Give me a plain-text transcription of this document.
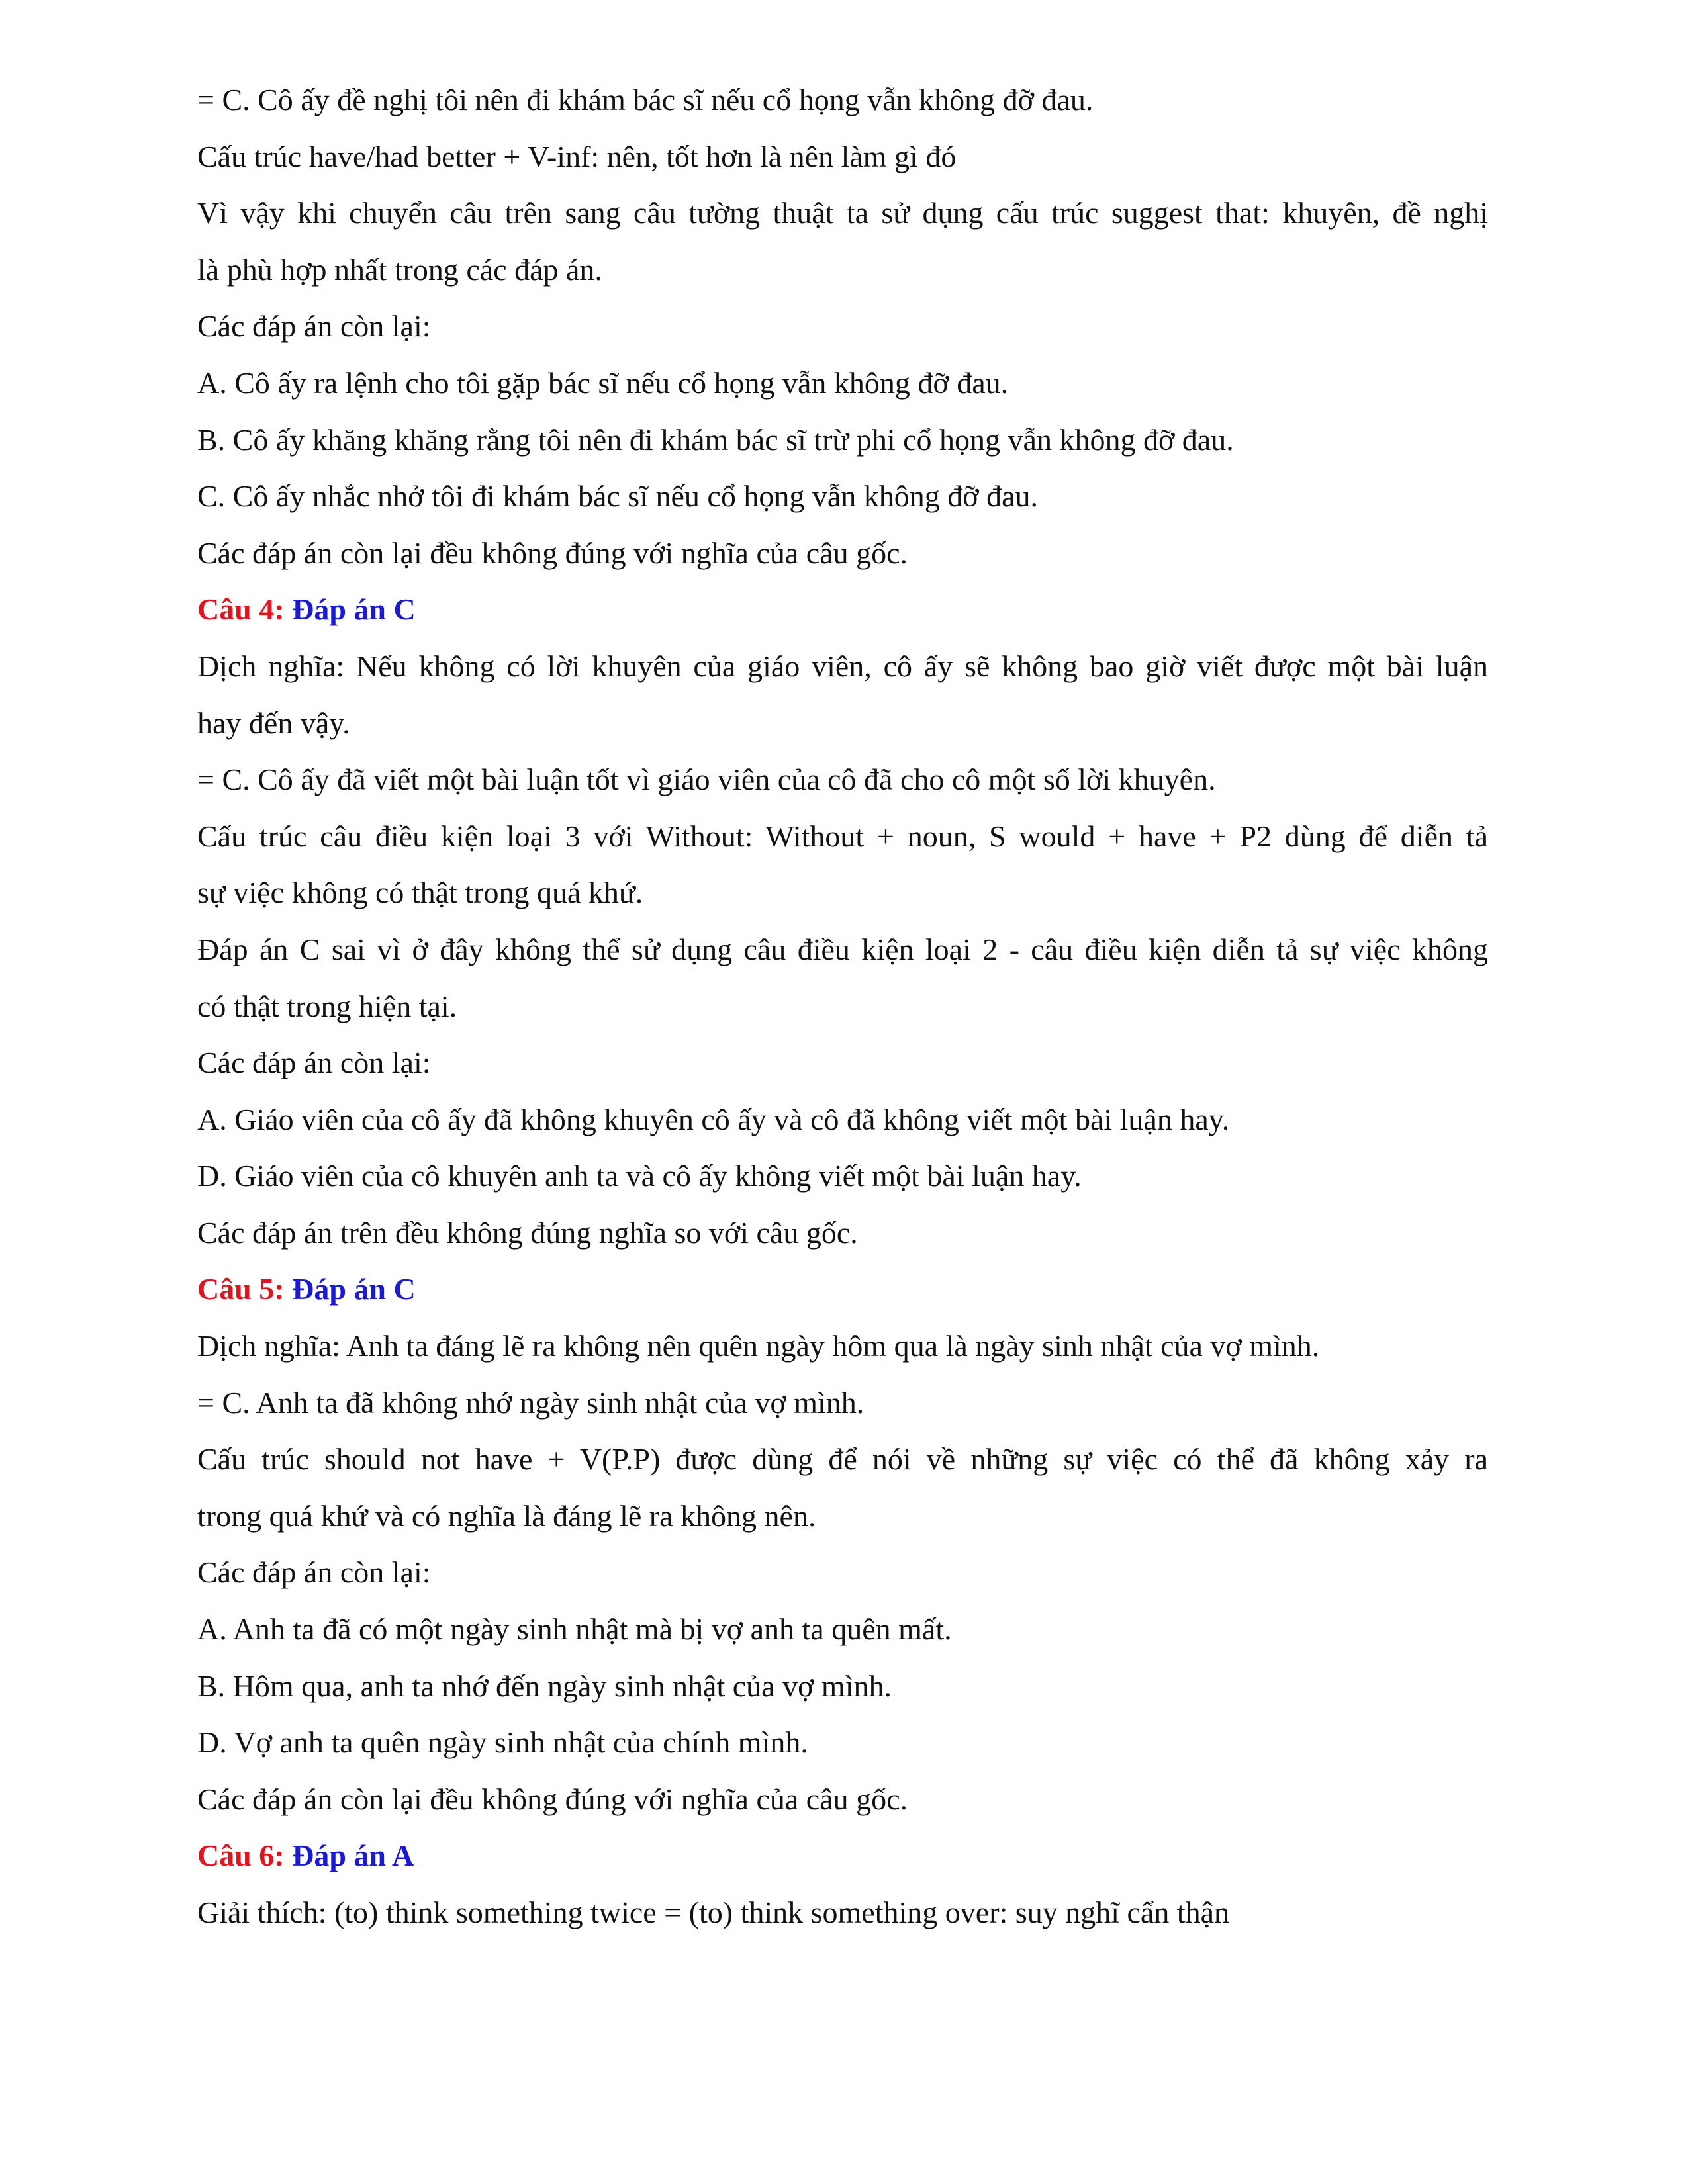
= C. Cô ấy đề nghị tôi nên đi khám bác sĩ nếu cổ họng vẫn không đỡ đau.
Cấu trúc have/had better + V-inf: nên, tốt hơn là nên làm gì đó
Vì vậy khi chuyển câu trên sang câu tường thuật ta sử dụng cấu trúc suggest that: khuyên, đề nghị
là phù hợp nhất trong các đáp án.
Các đáp án còn lại:
A. Cô ấy ra lệnh cho tôi gặp bác sĩ nếu cổ họng vẫn không đỡ đau.
B. Cô ấy khăng khăng rằng tôi nên đi khám bác sĩ trừ phi cổ họng vẫn không đỡ đau.
C. Cô ấy nhắc nhở tôi đi khám bác sĩ nếu cổ họng vẫn không đỡ đau.
Các đáp án còn lại đều không đúng với nghĩa của câu gốc.
Câu 4: Đáp án C
Dịch nghĩa: Nếu không có lời khuyên của giáo viên, cô ấy sẽ không bao giờ viết được một bài luận
hay đến vậy.
= C. Cô ấy đã viết một bài luận tốt vì giáo viên của cô đã cho cô một số lời khuyên.
Cấu trúc câu điều kiện loại 3 với Without: Without + noun, S would + have + P2 dùng để diễn tả
sự việc không có thật trong quá khứ.
Đáp án C sai vì ở đây không thể sử dụng câu điều kiện loại 2 - câu điều kiện diễn tả sự việc không
có thật trong hiện tại.
Các đáp án còn lại:
A. Giáo viên của cô ấy đã không khuyên cô ấy và cô đã không viết một bài luận hay.
D. Giáo viên của cô khuyên anh ta và cô ấy không viết một bài luận hay.
Các đáp án trên đều không đúng nghĩa so với câu gốc.
Câu 5: Đáp án C
Dịch nghĩa: Anh ta đáng lẽ ra không nên quên ngày hôm qua là ngày sinh nhật của vợ mình.
= C. Anh ta đã không nhớ ngày sinh nhật của vợ mình.
Cấu trúc should not have + V(P.P) được dùng để nói về những sự việc có thể đã không xảy ra
trong quá khứ và có nghĩa là đáng lẽ ra không nên.
Các đáp án còn lại:
A. Anh ta đã có một ngày sinh nhật mà bị vợ anh ta quên mất.
B. Hôm qua, anh ta nhớ đến ngày sinh nhật của vợ mình.
D. Vợ anh ta quên ngày sinh nhật của chính mình.
Các đáp án còn lại đều không đúng với nghĩa của câu gốc.
Câu 6: Đáp án A
Giải thích: (to) think something twice = (to) think something over: suy nghĩ cẩn thận
